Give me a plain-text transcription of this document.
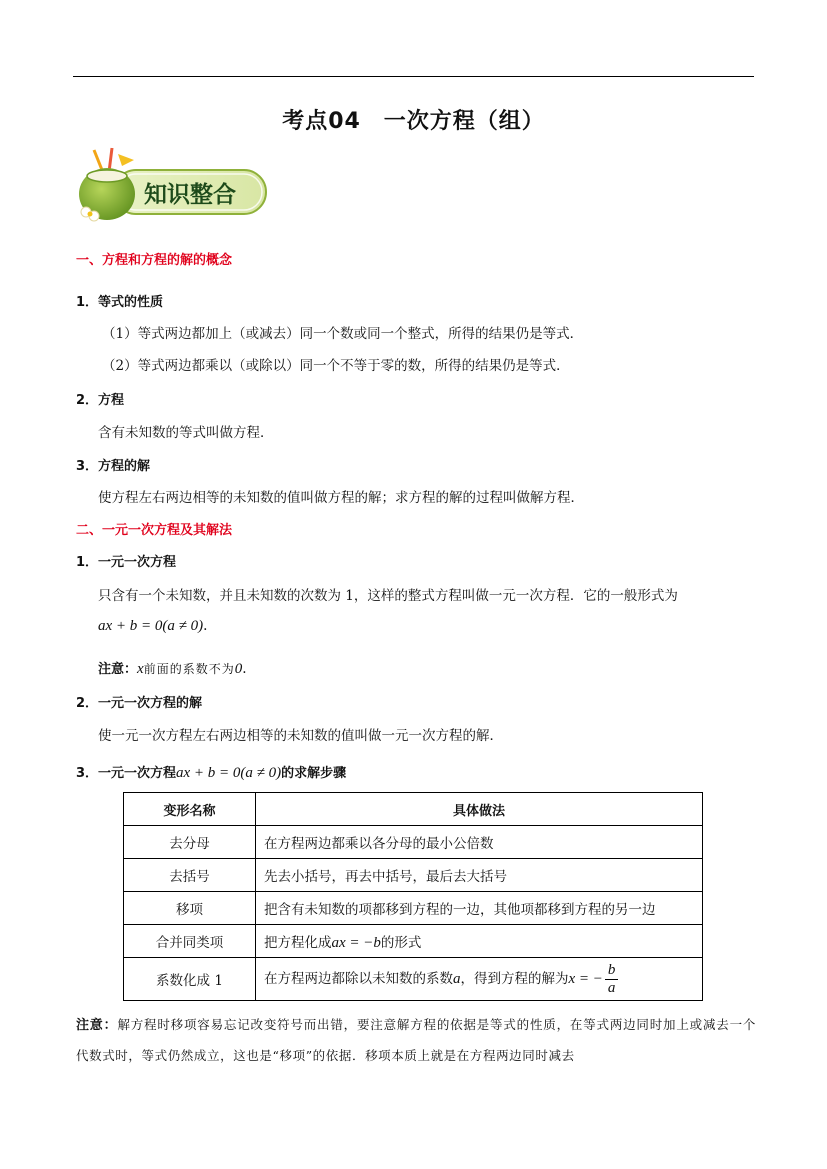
考点04　一次方程（组）
知识整合
一、方程和方程的解的概念
1．等式的性质
（1）等式两边都加上（或减去）同一个数或同一个整式，所得的结果仍是等式．
（2）等式两边都乘以（或除以）同一个不等于零的数，所得的结果仍是等式．
2．方程
含有未知数的等式叫做方程．
3．方程的解
使方程左右两边相等的未知数的值叫做方程的解；求方程的解的过程叫做解方程．
二、一元一次方程及其解法
1．一元一次方程
只含有一个未知数，并且未知数的次数为 1，这样的整式方程叫做一元一次方程．它的一般形式为
ax + b = 0(a ≠ 0).
注意：x前面的系数不为0.
2．一元一次方程的解
使一元一次方程左右两边相等的未知数的值叫做一元一次方程的解．
3．一元一次方程ax + b = 0(a ≠ 0)的求解步骤
变形名称	具体做法
去分母	在方程两边都乘以各分母的最小公倍数
去括号	先去小括号，再去中括号，最后去大括号
移项	把含有未知数的项都移到方程的一边，其他项都移到方程的另一边
合并同类项	把方程化成ax = −b的形式
系数化成 1	在方程两边都除以未知数的系数a，得到方程的解为x = − $\frac{b}{a}$
注意：解方程时移项容易忘记改变符号而出错，要注意解方程的依据是等式的性质，在等式两边同时加上或减去一个代数式时，等式仍然成立，这也是“移项”的依据．移项本质上就是在方程两边同时减去
